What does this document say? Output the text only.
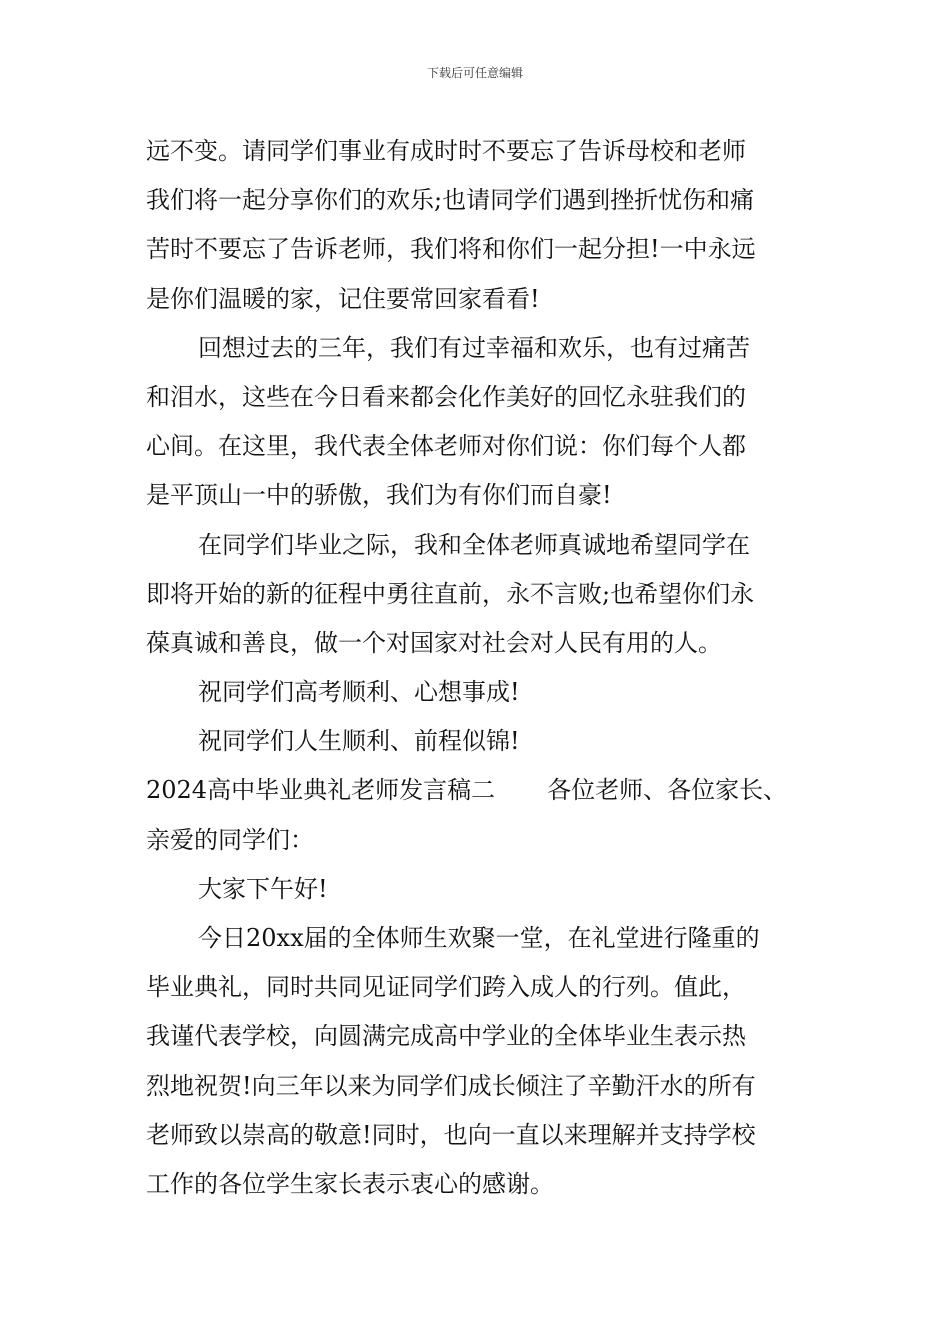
下载后可任意编辑
远不变。请同学们事业有成时时不要忘了告诉母校和老师
我们将一起分享你们的欢乐;也请同学们遇到挫折忧伤和痛
苦时不要忘了告诉老师，我们将和你们一起分担!一中永远
是你们温暖的家，记住要常回家看看!
回想过去的三年，我们有过幸福和欢乐，也有过痛苦
和泪水，这些在今日看来都会化作美好的回忆永驻我们的
心间。在这里，我代表全体老师对你们说：你们每个人都
是平顶山一中的骄傲，我们为有你们而自豪!
在同学们毕业之际，我和全体老师真诚地希望同学在
即将开始的新的征程中勇往直前，永不言败;也希望你们永
葆真诚和善良，做一个对国家对社会对人民有用的人。
祝同学们高考顺利、心想事成!
祝同学们人生顺利、前程似锦!
2024高中毕业典礼老师发言稿二 各位老师、各位家长、
亲爱的同学们：
大家下午好!
今日20xx届的全体师生欢聚一堂，在礼堂进行隆重的
毕业典礼，同时共同见证同学们跨入成人的行列。值此，
我谨代表学校，向圆满完成高中学业的全体毕业生表示热
烈地祝贺!向三年以来为同学们成长倾注了辛勤汗水的所有
老师致以崇高的敬意!同时，也向一直以来理解并支持学校
工作的各位学生家长表示衷心的感谢。
